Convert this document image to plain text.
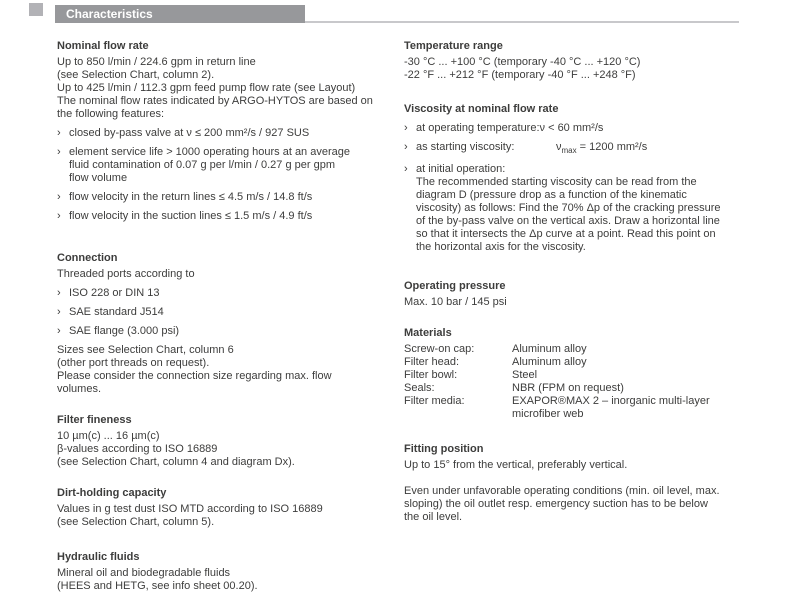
Characteristics
Nominal flow rate
Up to 850 l/min / 224.6 gpm in return line
(see Selection Chart, column 2).
Up to 425 l/min / 112.3 gpm feed pump flow rate (see Layout)
The nominal flow rates indicated by ARGO-HYTOS are based on
the following features:
› closed by-pass valve at ν ≤ 200 mm²/s / 927 SUS
› element service life > 1000 operating hours at an average
fluid contamination of 0.07 g per l/min / 0.27 g per gpm
flow volume
› flow velocity in the return lines ≤ 4.5 m/s / 14.8 ft/s
› flow velocity in the suction lines ≤ 1.5 m/s / 4.9 ft/s
Connection
Threaded ports according to
› ISO 228 or DIN 13
› SAE standard J514
› SAE flange (3.000 psi)
Sizes see Selection Chart, column 6
(other port threads on request).
Please consider the connection size regarding max. flow
volumes.
Filter fineness
10 µm(c) ... 16 µm(c)
β-values according to ISO 16889
(see Selection Chart, column 4 and diagram Dx).
Dirt-holding capacity
Values in g test dust ISO MTD according to ISO 16889
(see Selection Chart, column 5).
Hydraulic fluids
Mineral oil and biodegradable fluids
(HEES and HETG, see info sheet 00.20).
Temperature range
-30 °C ... +100 °C (temporary -40 °C ... +120 °C)
-22 °F ... +212 °F (temporary -40 °F ... +248 °F)
Viscosity at nominal flow rate
› at operating temperature:ν < 60 mm²/s
› as starting viscosity:	$\nu_{max} = 1200$ mm²/s
› at initial operation:
The recommended starting viscosity can be read from the
diagram D (pressure drop as a function of the kinematic
viscosity) as follows: Find the 70% Δp of the cracking pressure
of the by-pass valve on the vertical axis. Draw a horizontal line
so that it intersects the Δp curve at a point. Read this point on
the horizontal axis for the viscosity.
Operating pressure
Max. 10 bar / 145 psi
Materials
Screw-on cap:	Aluminum alloy
Filter head:	Aluminum alloy
Filter bowl:	Steel
Seals:	NBR (FPM on request)
Filter media:	EXAPOR®MAX 2 – inorganic multi-layer
microfiber web
Fitting position
Up to 15° from the vertical, preferably vertical.
Even under unfavorable operating conditions (min. oil level, max.
sloping) the oil outlet resp. emergency suction has to be below
the oil level.
